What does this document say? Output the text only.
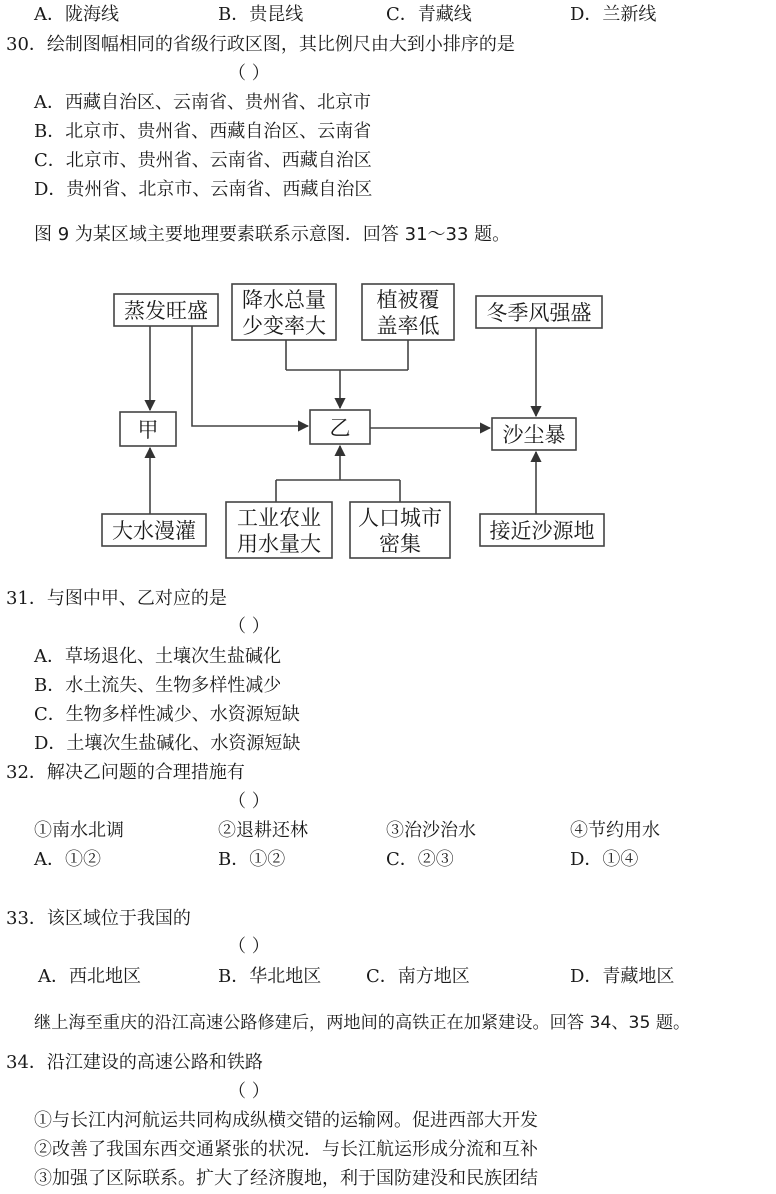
A．陇海线	B．贵昆线	C．青藏线	D．兰新线
30．绘制图幅相同的省级行政区图，其比例尺由大到小排序的是
（ ）
A．西藏自治区、云南省、贵州省、北京市
B．北京市、贵州省、西藏自治区、云南省
C．北京市、贵州省、云南省、西藏自治区
D．贵州省、北京市、云南省、西藏自治区
图 9 为某区域主要地理要素联系示意图．回答 31～33 题。
蒸发旺盛 降水总量
少变率大
植被覆
盖率低
冬季风强盛
甲	乙	沙尘暴
大水漫灌
工业农业
用水量大
人口城市
密集
接近沙源地
31．与图中甲、乙对应的是
（ ）
A．草场退化、土壤次生盐碱化
B．水土流失、生物多样性减少
C．生物多样性减少、水资源短缺
D．土壤次生盐碱化、水资源短缺
32．解决乙问题的合理措施有
（ ）
①南水北调	②退耕还林	③治沙治水	④节约用水
A．①②	B．①②	C．②③	D．①④
33．该区域位于我国的
（ ）
A．西北地区	B．华北地区 C．南方地区	D．青藏地区
继上海至重庆的沿江高速公路修建后，两地间的高铁正在加紧建设。回答 34、35 题。
34．沿江建设的高速公路和铁路
（ ）
①与长江内河航运共同构成纵横交错的运输网。促进西部大开发
②改善了我国东西交通紧张的状况．与长江航运形成分流和互补
③加强了区际联系。扩大了经济腹地，利于国防建没和民族团结
